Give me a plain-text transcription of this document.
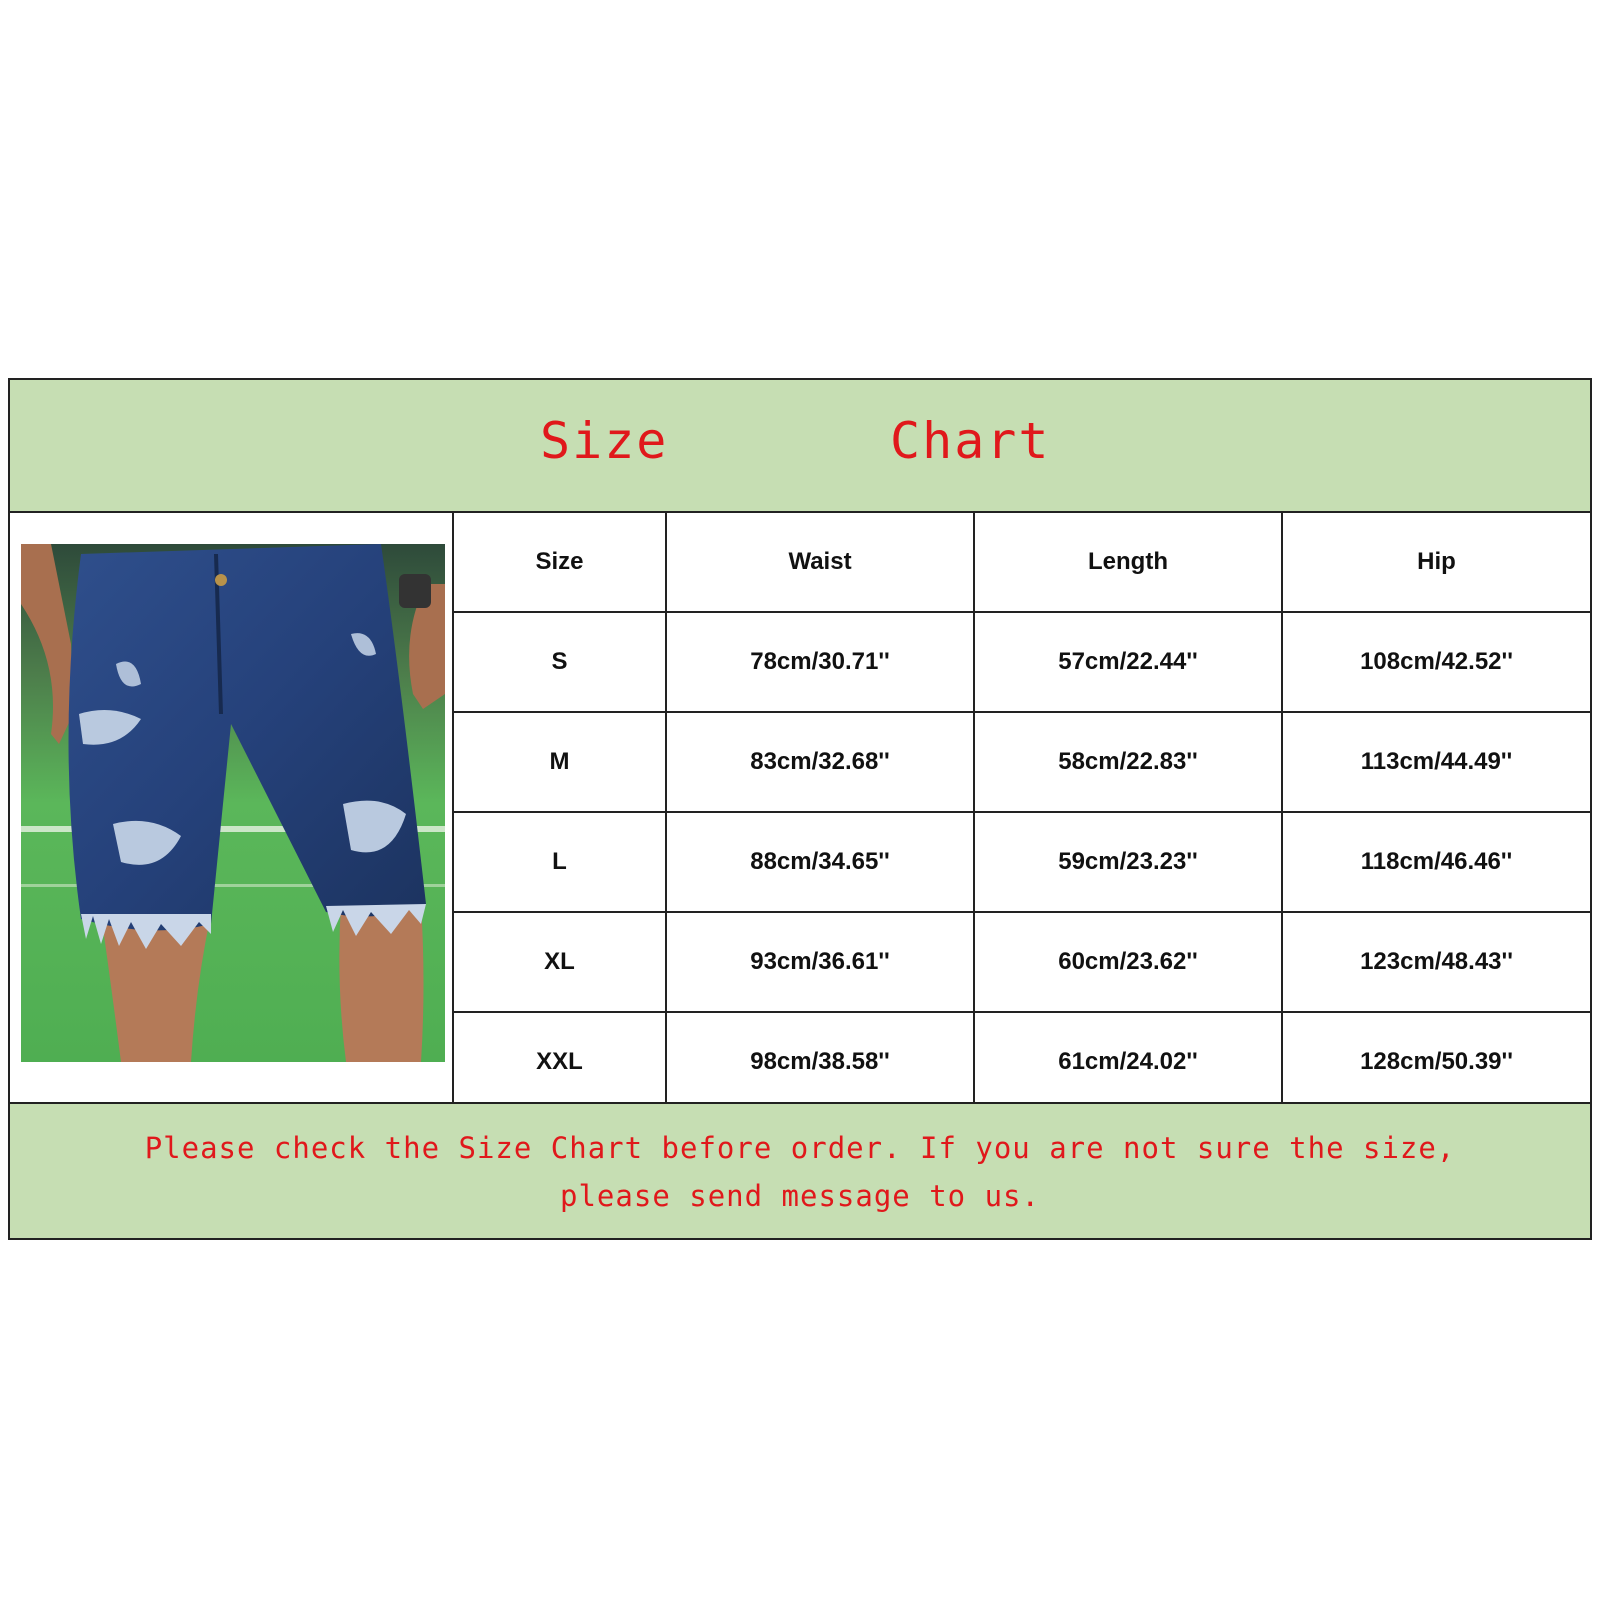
Size	Chart
Size	Waist	Length	Hip
S	78cm/30.71''	57cm/22.44''	108cm/42.52''
M	83cm/32.68''	58cm/22.83''	113cm/44.49''
L	88cm/34.65''	59cm/23.23''	118cm/46.46''
XL	93cm/36.61''	60cm/23.62''	123cm/48.43''
XXL	98cm/38.58''	61cm/24.02''	128cm/50.39''
Please check the Size Chart before order. If you are not sure the size,
please send message to us.
